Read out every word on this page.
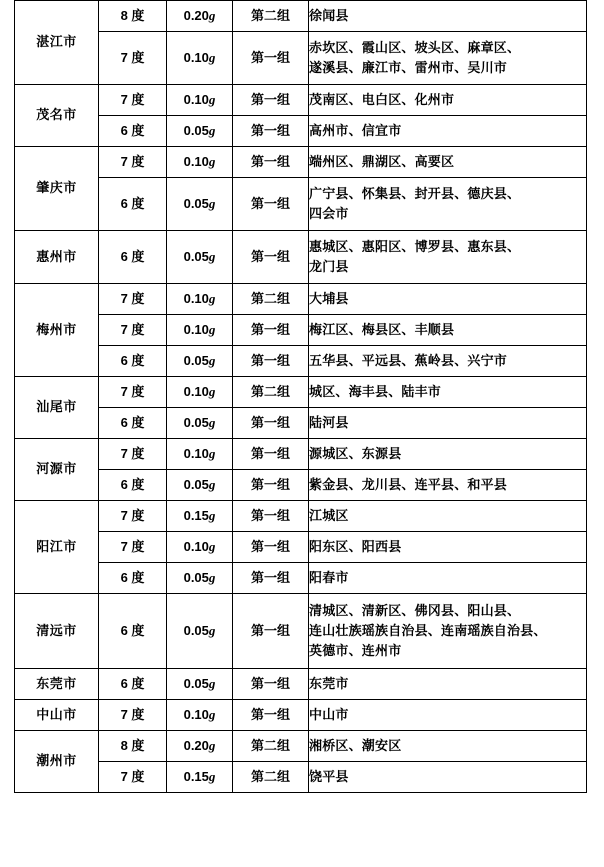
湛江市	8 度	0.20g	第二组	徐闻县

	7 度	0.10g	第一组	赤坎区、霞山区、坡头区、麻章区、
遂溪县、廉江市、雷州市、吴川市

茂名市	7 度	0.10g	第一组	茂南区、电白区、化州市

	6 度	0.05g	第一组	高州市、信宜市

肇庆市	7 度	0.10g	第一组	端州区、鼎湖区、高要区

	6 度	0.05g	第一组	广宁县、怀集县、封开县、德庆县、
四会市

惠州市	6 度	0.05g	第一组	惠城区、惠阳区、博罗县、惠东县、
龙门县

梅州市	7 度	0.10g	第二组	大埔县

	7 度	0.10g	第一组	梅江区、梅县区、丰顺县

	6 度	0.05g	第一组	五华县、平远县、蕉岭县、兴宁市

汕尾市	7 度	0.10g	第二组	城区、海丰县、陆丰市

	6 度	0.05g	第一组	陆河县

河源市	7 度	0.10g	第一组	源城区、东源县

	6 度	0.05g	第一组	紫金县、龙川县、连平县、和平县

阳江市	7 度	0.15g	第一组	江城区

	7 度	0.10g	第一组	阳东区、阳西县

	6 度	0.05g	第一组	阳春市

清远市	6 度	0.05g	第一组	清城区、清新区、佛冈县、阳山县、
连山壮族瑶族自治县、连南瑶族自治县、
英德市、连州市

东莞市	6 度	0.05g	第一组	东莞市

中山市	7 度	0.10g	第一组	中山市

潮州市	8 度	0.20g	第二组	湘桥区、潮安区

	7 度	0.15g	第二组	饶平县
